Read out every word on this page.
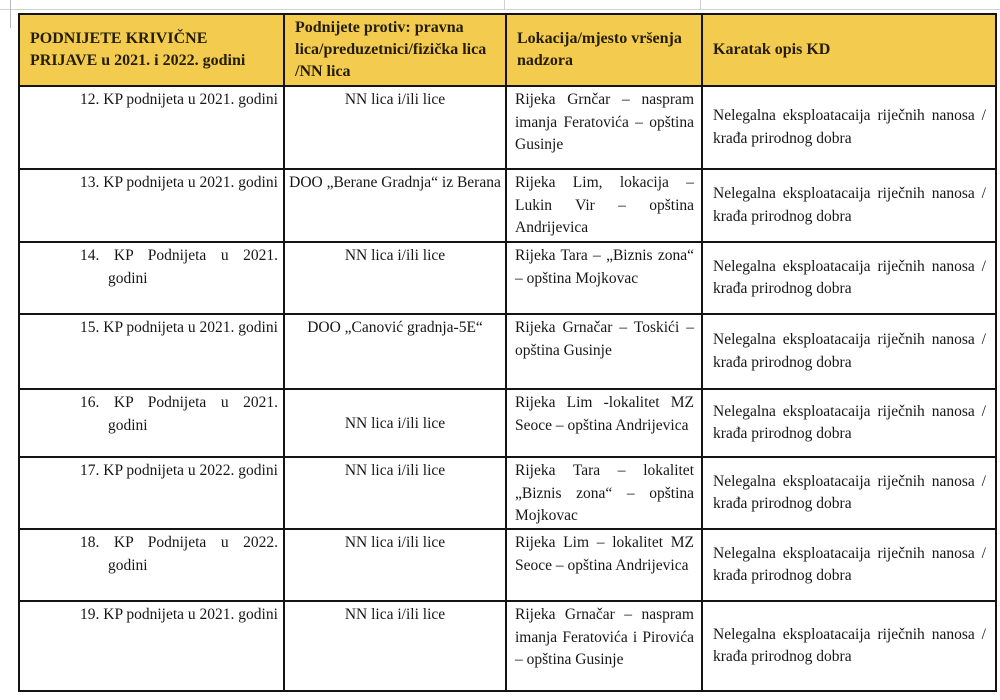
PODNIJETE KRIVIČNE PRIJAVE u 2021. i 2022. godini	Podnijete protiv: pravna lica/preduzetnici/fizička lica /NN lica	Lokacija/mjesto vršenja nadzora	Karatak opis KD

12. KP podnijeta u 2021. godini	NN lica i/ili lice	Rijeka Grnčar – naspram imanja Feratovića – opština Gusinje	Nelegalna eksploatacaija riječnih nanosa / krađa prirodnog dobra

13. KP podnijeta u 2021. godini	DOO „Berane Gradnja“ iz Berana	Rijeka Lim, lokacija – Lukin Vir – opština Andrijevica	Nelegalna eksploatacaija riječnih nanosa / krađa prirodnog dobra

14. KP Podnijeta u 2021. godini	NN lica i/ili lice	Rijeka Tara – „Biznis zona“ – opština Mojkovac	Nelegalna eksploatacaija riječnih nanosa / krađa prirodnog dobra

15. KP podnijeta u 2021. godini	DOO „Canović gradnja-5E“	Rijeka Grnačar – Toskići – opština Gusinje	Nelegalna eksploatacaija riječnih nanosa / krađa prirodnog dobra

16. KP Podnijeta u 2021. godini	NN lica i/ili lice	Rijeka Lim -lokalitet MZ Seoce – opština Andrijevica	Nelegalna eksploatacaija riječnih nanosa / krađa prirodnog dobra

17. KP podnijeta u 2022. godini	NN lica i/ili lice	Rijeka Tara – lokalitet „Biznis zona“ – opština Mojkovac	Nelegalna eksploatacaija riječnih nanosa / krađa prirodnog dobra

18. KP Podnijeta u 2022. godini	NN lica i/ili lice	Rijeka Lim – lokalitet MZ Seoce – opština Andrijevica	Nelegalna eksploatacaija riječnih nanosa / krađa prirodnog dobra

19. KP podnijeta u 2021. godini	NN lica i/ili lice	Rijeka Grnačar – naspram imanja Feratovića i Pirovića – opština Gusinje	Nelegalna eksploatacaija riječnih nanosa / krađa prirodnog dobra
